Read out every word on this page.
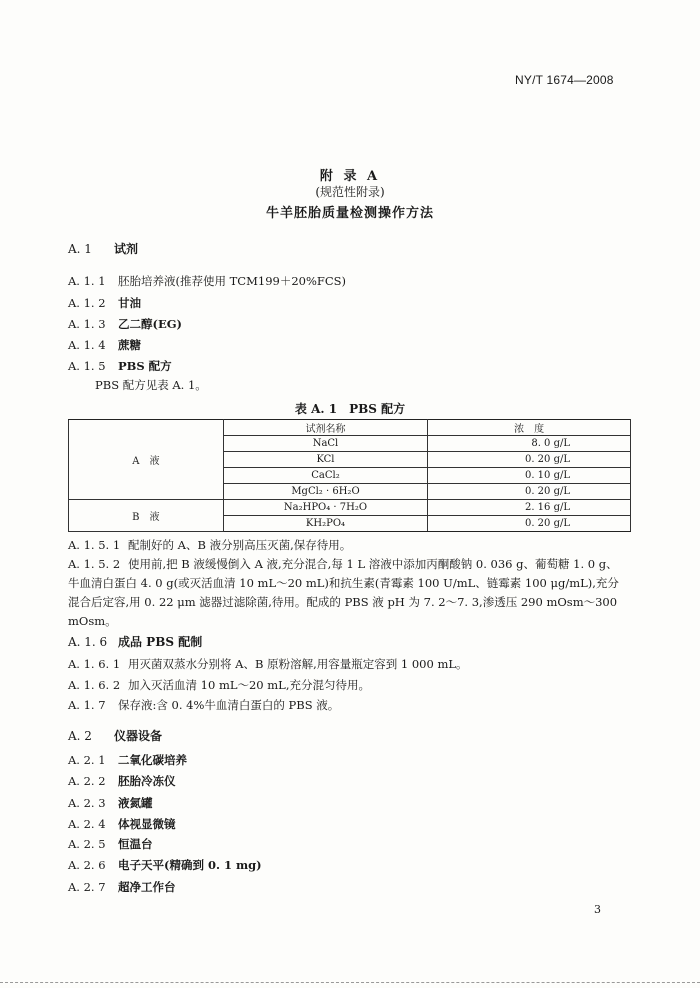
NY/T 1674—2008
附 录 A
(规范性附录)
牛羊胚胎质量检测操作方法
A. 1 试剂
A. 1. 1 胚胎培养液(推荐使用 TCM199＋20%FCS)
A. 1. 2 甘油
A. 1. 3 乙二醇(EG)
A. 1. 4 蔗糖
A. 1. 5 PBS 配方
PBS 配方见表 A. 1。
表 A. 1　PBS 配方
A　液	试剂名称	浓　度
	NaCl	8. 0 g/L
	KCl	0. 20 g/L
	CaCl₂	0. 10 g/L
	MgCl₂ · 6H₂O	0. 20 g/L
B　液	Na₂HPO₄ · 7H₂O	2. 16 g/L
	KH₂PO₄	0. 20 g/L
A. 1. 5. 1 配制好的 A、B 液分别高压灭菌,保存待用。
A. 1. 5. 2 使用前,把 B 液缓慢倒入 A 液,充分混合,每 1 L 溶液中添加丙酮酸钠 0. 036 g、葡萄糖 1. 0 g、牛血清白蛋白 4. 0 g(或灭活血清 10 mL～20 mL)和抗生素(青霉素 100 U/mL、链霉素 100 μg/mL),充分混合后定容,用 0. 22 μm 滤器过滤除菌,待用。配成的 PBS 液 pH 为 7. 2～7. 3,渗透压 290 mOsm～300 mOsm。
A. 1. 6 成品 PBS 配制
A. 1. 6. 1 用灭菌双蒸水分别将 A、B 原粉溶解,用容量瓶定容到 1 000 mL。
A. 1. 6. 2 加入灭活血清 10 mL～20 mL,充分混匀待用。
A. 1. 7 保存液:含 0. 4%牛血清白蛋白的 PBS 液。
A. 2 仪器设备
A. 2. 1 二氧化碳培养
A. 2. 2 胚胎冷冻仪
A. 2. 3 液氮罐
A. 2. 4 体视显微镜
A. 2. 5 恒温台
A. 2. 6 电子天平(精确到 0. 1 mg)
A. 2. 7 超净工作台
3
